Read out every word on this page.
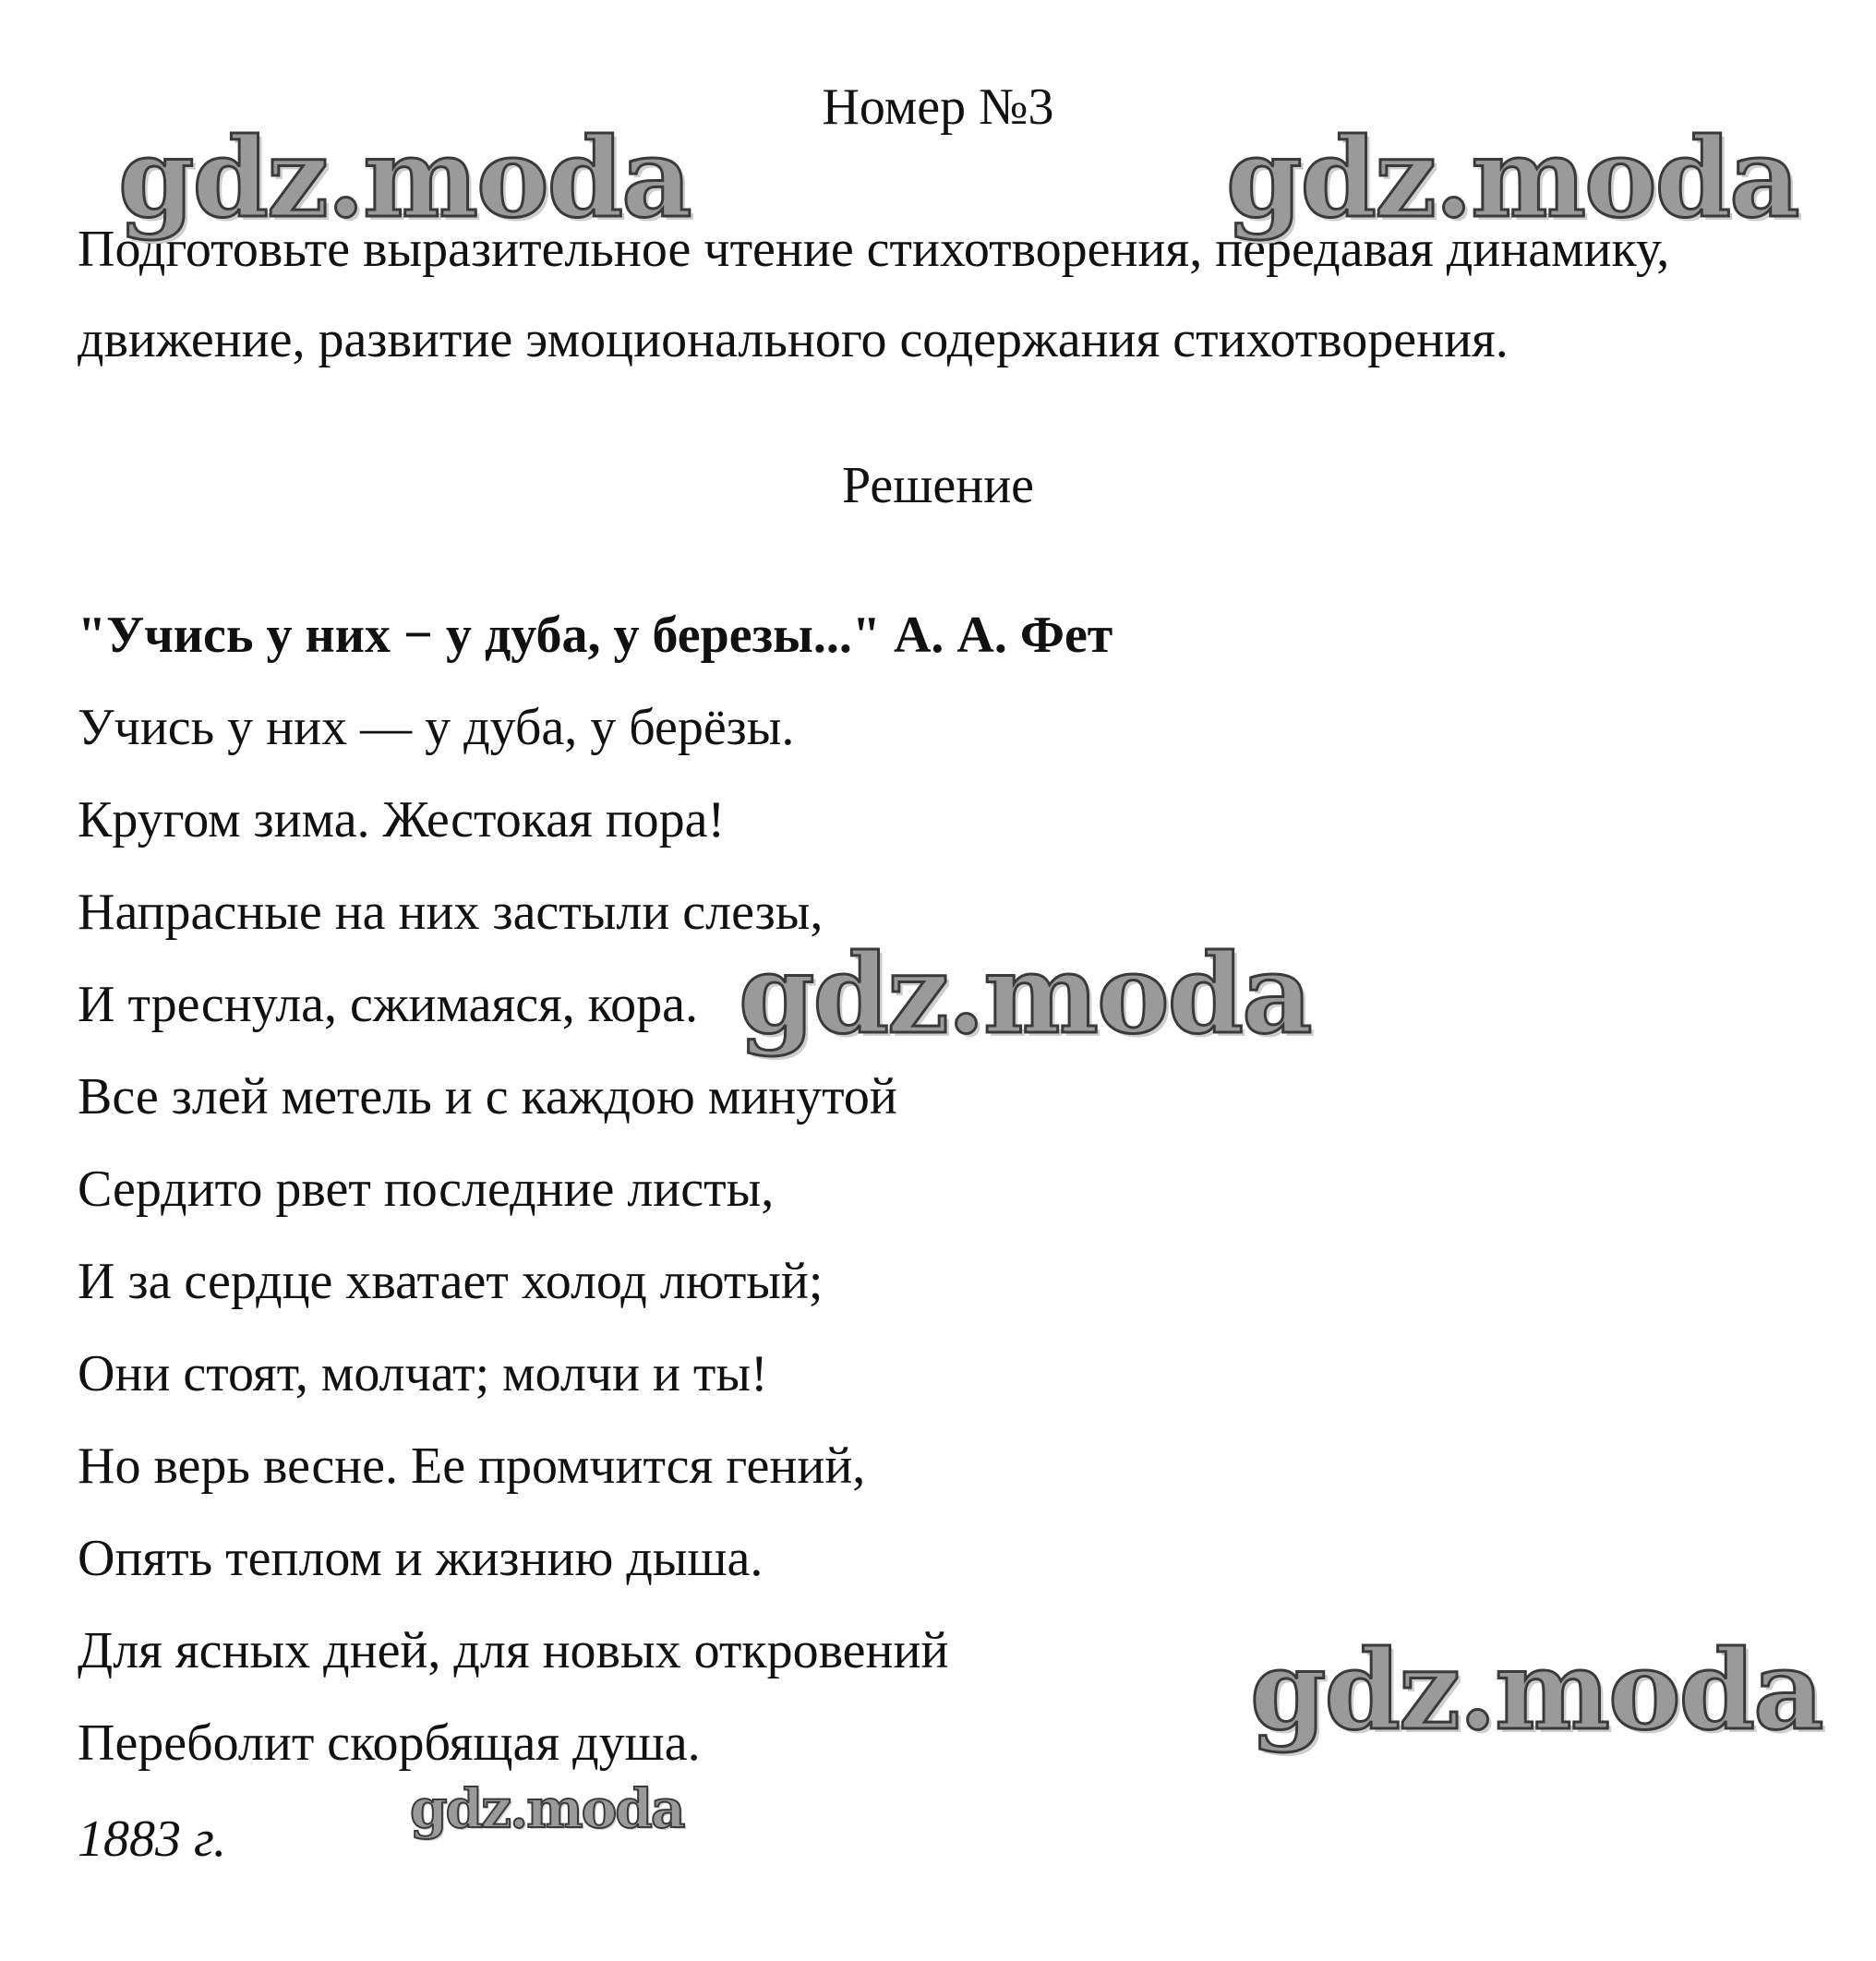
Номер №3

Подготовьте выразительное чтение стихотворения, передавая динамику,

движение, развитие эмоционального содержания стихотворения.

Решение

"Учись у них − у дуба, у березы..." А. А. Фет

Учись у них — у дуба, у берёзы.

Кругом зима. Жестокая пора!

Напрасные на них застыли слезы,

И треснула, сжимаяся, кора.

Все злей метель и с каждою минутой

Сердито рвет последние листы,

И за сердце хватает холод лютый;

Они стоят, молчат; молчи и ты!

Но верь весне. Ее промчится гений,

Опять теплом и жизнию дыша.

Для ясных дней, для новых откровений

Переболит скорбящая душа.

1883 г.

gdz.moda	gdz.moda
gdz.moda
gdz.moda
gdz.moda
